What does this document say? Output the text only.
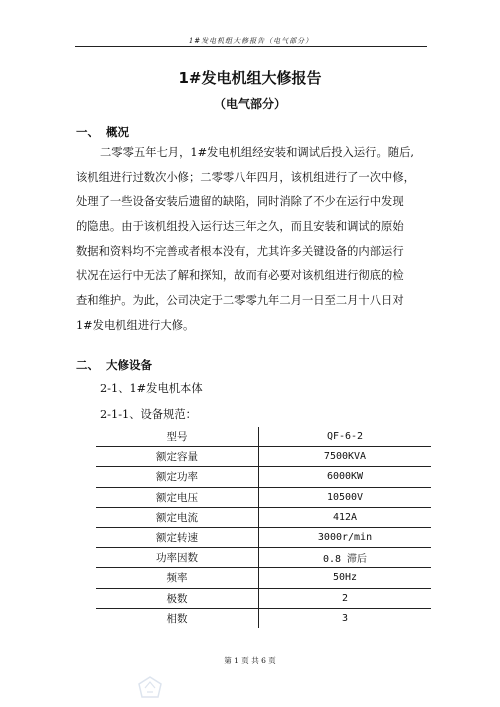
1#发电机组大修报告（电气部分）
1#发电机组大修报告
（电气部分）
一、 概况
二零零五年七月，1#发电机组经安装和调试后投入运行。随后,
该机组进行过数次小修；二零零八年四月，该机组进行了一次中修，
处理了一些设备安装后遗留的缺陷，同时消除了不少在运行中发现
的隐患。由于该机组投入运行达三年之久，而且安装和调试的原始
数据和资料均不完善或者根本没有，尤其许多关键设备的内部运行
状况在运行中无法了解和探知，故而有必要对该机组进行彻底的检
查和维护。为此，公司决定于二零零九年二月一日至二月十八日对
1#发电机组进行大修。
二、 大修设备
2-1、1#发电机本体
2-1-1、设备规范：
型号	QF-6-2
额定容量	7500KVA
额定功率	6000KW
额定电压	10500V
额定电流	412A
额定转速	3000r/min
功率因数	0.8 滞后
频率	50Hz
极数	2
相数	3
第 1 页 共 6 页
